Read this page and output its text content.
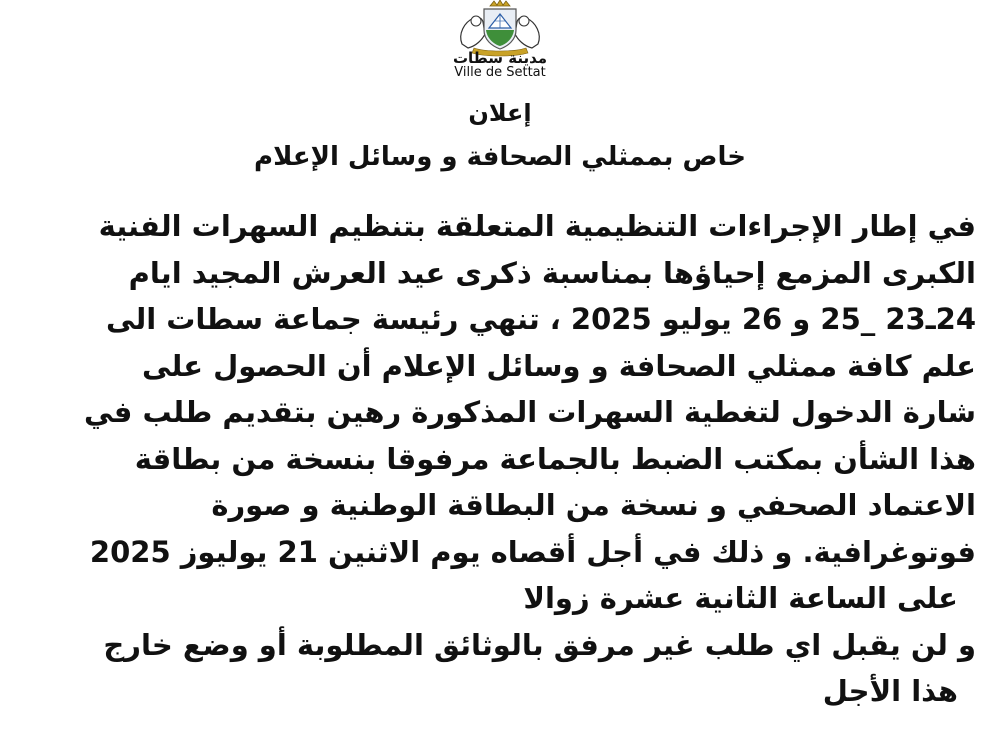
مدينة سطات
Ville de Settat
إعلان
خاص بممثلي الصحافة و وسائل الإعلام
في إطار الإجراءات التنظيمية المتعلقة بتنظيم السهرات الفنية
الكبرى المزمع إحياؤها بمناسبة ذكرى عيد العرش المجيد ايام
24ـ23 _25 و 26 يوليو 2025 ، تنهي رئيسة جماعة سطات الى
علم كافة ممثلي الصحافة و وسائل الإعلام أن الحصول على
شارة الدخول لتغطية السهرات المذكورة رهين بتقديم طلب في
هذا الشأن بمكتب الضبط بالجماعة مرفوقا بنسخة من بطاقة
الاعتماد الصحفي و نسخة من البطاقة الوطنية و صورة
فوتوغرافية. و ذلك في أجل أقصاه يوم الاثنين 21 يوليوز 2025
على الساعة الثانية عشرة زوالا
و لن يقبل اي طلب غير مرفق بالوثائق المطلوبة أو وضع خارج
هذا الأجل
